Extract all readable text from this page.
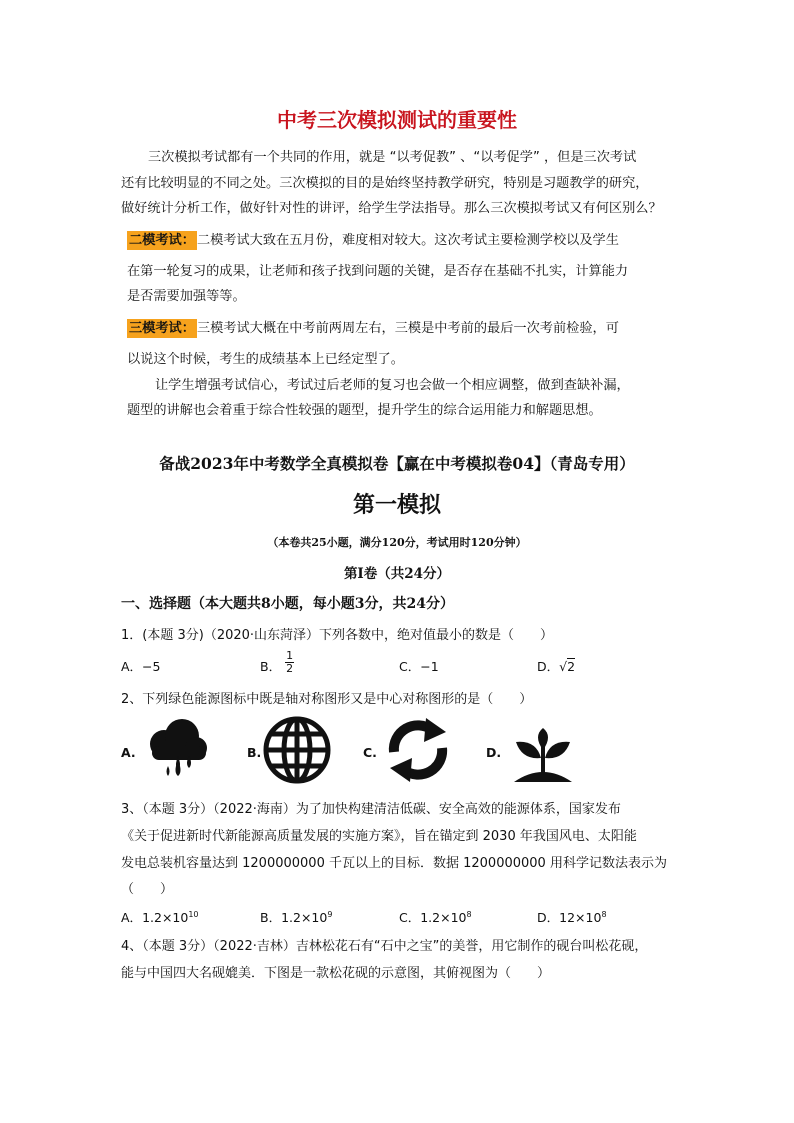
中考三次模拟测试的重要性
三次模拟考试都有一个共同的作用，就是 “以考促教” 、“以考促学” ，但是三次考试
还有比较明显的不同之处。三次模拟的目的是始终坚持教学研究，特别是习题教学的研究，
做好统计分析工作，做好针对性的讲评，给学生学法指导。那么三次模拟考试又有何区别么？
二模考试： 二模考试大致在五月份，难度相对较大。这次考试主要检测学校以及学生
在第一轮复习的成果，让老师和孩子找到问题的关键，是否存在基础不扎实，计算能力
是否需要加强等等。
三模考试： 三模考试大概在中考前两周左右，三模是中考前的最后一次考前检验，可
以说这个时候，考生的成绩基本上已经定型了。
让学生增强考试信心，考试过后老师的复习也会做一个相应调整，做到查缺补漏，
题型的讲解也会着重于综合性较强的题型，提升学生的综合运用能力和解题思想。
备战2023年中考数学全真模拟卷【赢在中考模拟卷04】（青岛专用）
第一模拟
（本卷共25小题，满分120分，考试用时120分钟）
第Ⅰ卷（共24分）
一、选择题（本大题共8小题，每小题3分，共24分）
1．(本题 3分)（2020·山东菏泽）下列各数中，绝对值最小的数是（　　）
A．−5	B． $\frac{1}{2}$	C．−1	D．√2
2、下列绿色能源图标中既是轴对称图形又是中心对称图形的是（　　）
A.	B.	C.	D.
3、（本题 3分）（2022·海南）为了加快构建清洁低碳、安全高效的能源体系，国家发布
《关于促进新时代新能源高质量发展的实施方案》，旨在锚定到 2030 年我国风电、太阳能
发电总装机容量达到 1200000000 千瓦以上的目标．数据 1200000000 用科学记数法表示为
（　　）
A．$1.2\times 10^{10}$	B．$1.2\times 10^9$	C．$1.2\times 10^8$	D．$12\times 10^8$
4、（本题 3分）（2022·吉林）吉林松花石有“石中之宝”的美誉，用它制作的砚台叫松花砚，
能与中国四大名砚媲美．下图是一款松花砚的示意图，其俯视图为（　　）
